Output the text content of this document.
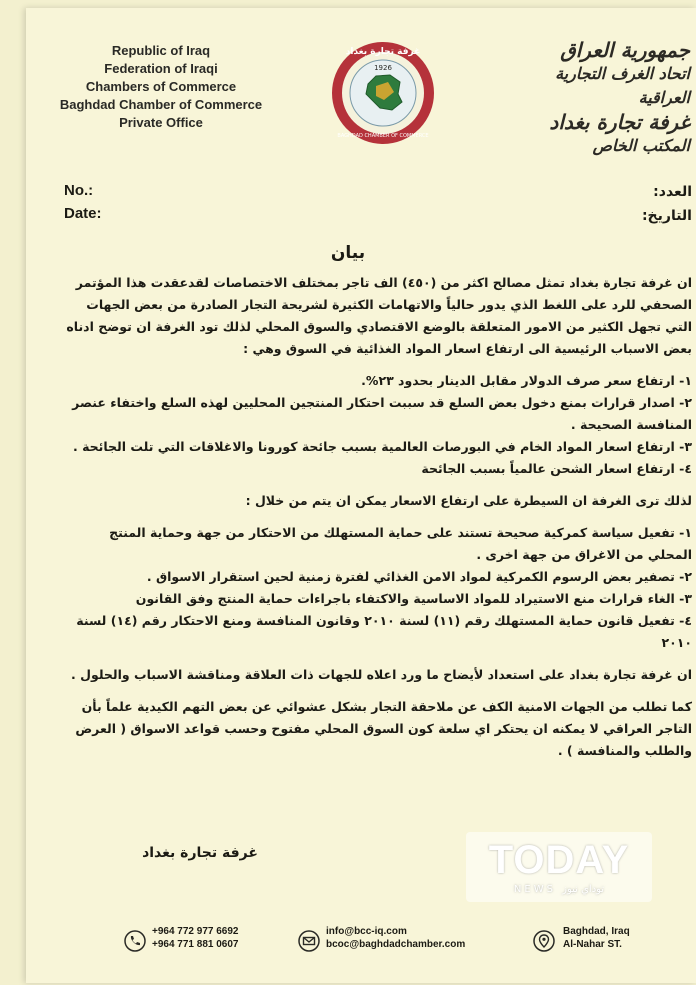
Republic of Iraq
Federation of Iraqi
Chambers of Commerce
Baghdad Chamber of Commerce
Private Office
1926
غرفة تجارة بغداد
BAGHDAD CHAMBER OF COMMERCE
جمهورية العراق
اتحاد الغرف التجارية العراقية
غرفة تجارة بغداد
المكتب الخاص
No.:
Date:
العدد:
التاريخ:
بيان

ان غرفة تجارة بغداد تمثل مصالح اكثر من (٤٥٠) الف تاجر بمختلف الاختصاصات لقدعقدت هذا المؤتمر الصحفي للرد على اللغط الذي يدور حالياً والاتهامات الكثيرة لشريحة التجار الصادرة من بعض الجهات التي تجهل الكثير من الامور المتعلقة بالوضع الاقتصادي والسوق المحلي لذلك تود الغرفة ان توضح ادناه بعض الاسباب الرئيسية الى ارتفاع اسعار المواد الغذائية في السوق وهي :

١- ارتفاع سعر صرف الدولار مقابل الدينار بحدود ٢٣%.

٢- اصدار قرارات بمنع دخول بعض السلع قد سببت احتكار المنتجين المحليين لهذه السلع واختفاء عنصر المنافسة الصحيحة .

٣- ارتفاع اسعار المواد الخام في البورصات العالمية بسبب جائحة كورونا والاغلاقات التي تلت الجائحة .

٤- ارتفاع اسعار الشحن عالمياً بسبب الجائحة

لذلك ترى الغرفة ان السيطرة على ارتفاع الاسعار يمكن ان يتم من خلال :

١- تفعيل سياسة كمركية صحيحة تستند على حماية المستهلك من الاحتكار من جهة وحماية المنتج المحلي من الاغراق من جهة اخرى .

٢- تصفير بعض الرسوم الكمركية لمواد الامن الغذائي لفترة زمنية لحين استقرار الاسواق .

٣- الغاء قرارات منع الاستيراد للمواد الاساسية والاكتفاء باجراءات حماية المنتج وفق القانون

٤- تفعيل قانون حماية المستهلك رقم (١١) لسنة ٢٠١٠ وقانون المنافسة ومنع الاحتكار رقم (١٤) لسنة ٢٠١٠

ان غرفة تجارة بغداد على استعداد لأيضاح ما ورد اعلاه للجهات ذات العلاقة ومناقشة الاسباب والحلول .

كما تطلب من الجهات الامنية الكف عن ملاحقة التجار بشكل عشوائي عن بعض التهم الكيدية علماً بأن التاجر العراقي لا يمكنه ان يحتكر اي سلعة كون السوق المحلي مفتوح وحسب قواعد الاسواق ( العرض والطلب والمنافسة ) .

غرفة تجارة بغداد	TODAY
NEWS توداي نيوز
+964 772 977 6692
+964 771 881 0607
info@bcc-iq.com
bcoc@baghdadchamber.com
Baghdad, Iraq
Al-Nahar ST.
